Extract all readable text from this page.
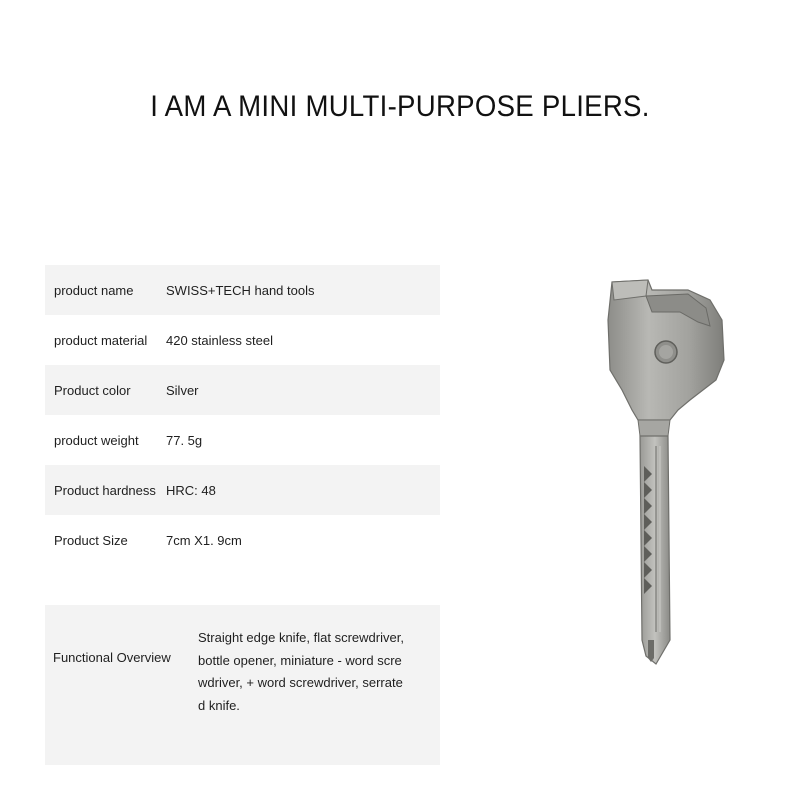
I AM A MINI MULTI-PURPOSE PLIERS.
product name	SWISS+TECH hand tools
product material	420 stainless steel
Product color	Silver
product weight	77. 5g
Product hardness HRC: 48
Product Size	7cm X1. 9cm
Functional Overview
Straight edge knife, flat screwdriver,
bottle opener, miniature - word scre
wdriver, + word screwdriver, serrate
d knife.
